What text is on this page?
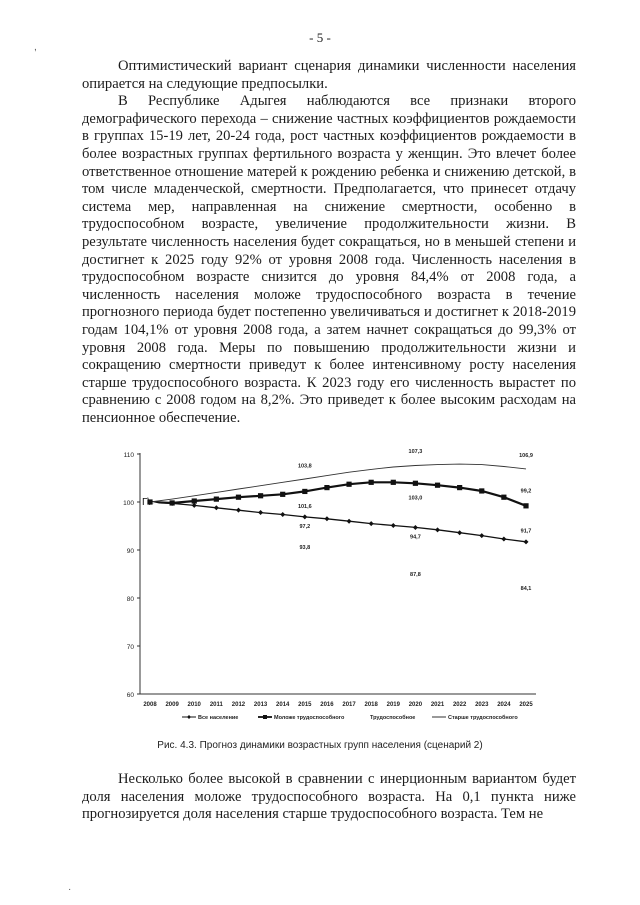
- 5 -

Оптимистический вариант сценария динамики численности населения опирается на следующие предпосылки.

В Республике Адыгея наблюдаются все признаки второго демографического перехода – снижение частных коэффициентов рождаемости в группах 15-19 лет, 20-24 года, рост частных коэффициентов рождаемости в более возрастных группах фертильного возраста у женщин. Это влечет более ответственное отношение матерей к рождению ребенка и снижению детской, в том числе младенческой, смертности. Предполагается, что принесет отдачу система мер, направленная на снижение смертности, особенно в трудоспособном возрасте, увеличение продолжительности жизни. В результате численность населения будет сокращаться, но в меньшей степени и достигнет к 2025 году 92% от уровня 2008 года. Численность населения в трудоспособном возрасте снизится до уровня 84,4% от 2008 года, а численность населения моложе трудоспособного возраста в течение прогнозного периода будет постепенно увеличиваться и достигнет к 2018-2019 годам 104,1% от уровня 2008 года, а затем начнет сокращаться до 99,3% от уровня 2008 года. Меры по повышению продолжительности жизни и сокращению смертности приведут к более интенсивному росту населения старше трудоспособного возраста. К 2023 году его численность вырастет по сравнению с 2008 годом на 8,2%. Это приведет к более высоким расходам на пенсионное обеспечение.

,
60
70
80
90
100
110
2008 2009 2010 2011 2012 2013 2014 2015 2016 2017 2018 2019 2020 2021 2022 2023 2024 2025
103,8
107,3
106,9
101,6
103,0
99,2
97,2
94,7
91,7
93,8
87,8
84,1
Г\
Все население	Моложе трудоспособного	Трудоспособное	Старше трудоспособного
Рис. 4.3. Прогноз динамики возрастных групп населения (сценарий 2)

Несколько более высокой в сравнении с инерционным вариантом будет доля населения моложе трудоспособного возраста. На 0,1 пункта ниже прогнозируется доля населения старше трудоспособного возраста. Тем не

·
